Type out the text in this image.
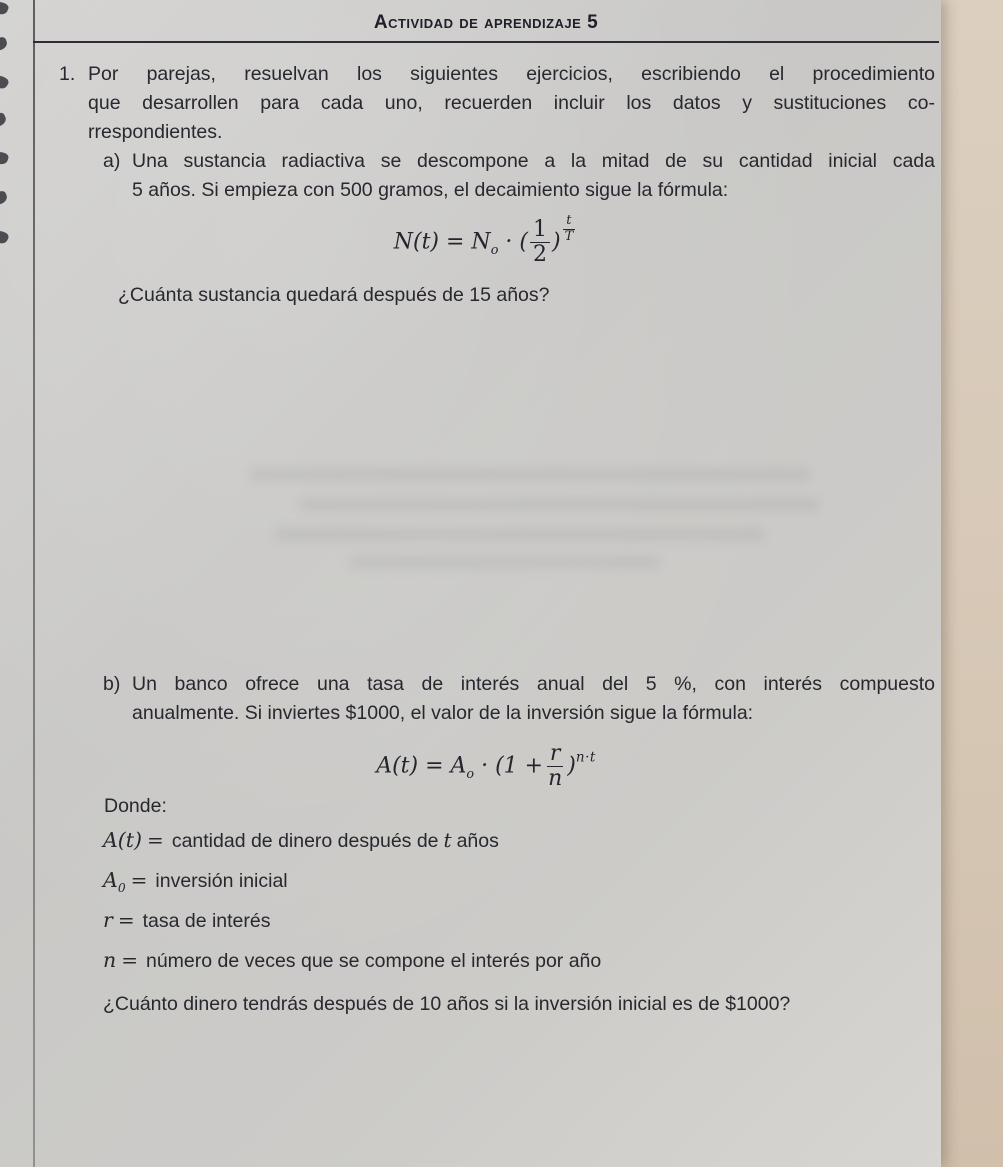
Actividad de aprendizaje 5
1. Por parejas, resuelvan los siguientes ejercicios, escribiendo el procedimiento
que desarrollen para cada uno, recuerden incluir los datos y sustituciones co-
rrespondientes.
a) Una sustancia radiactiva se descompone a la mitad de su cantidad inicial cada
5 años. Si empieza con 500 gramos, el decaimiento sigue la fórmula:
$N(t) = N_o$ · ( $\frac{1}{2}$ ) $\frac{t}{T}$
¿Cuánta sustancia quedará después de 15 años?
b) Un banco ofrece una tasa de interés anual del 5 %, con interés compuesto
anualmente. Si inviertes $1000, el valor de la inversión sigue la fórmula:
$A(t) = A_o \cdot (1 + \frac{r}{n} )^{n\cdot t}$
Donde:
A(t) = cantidad de dinero después de t años
$A_0$ = inversión inicial
r = tasa de interés
n = número de veces que se compone el interés por año
¿Cuánto dinero tendrás después de 10 años si la inversión inicial es de $1000?
